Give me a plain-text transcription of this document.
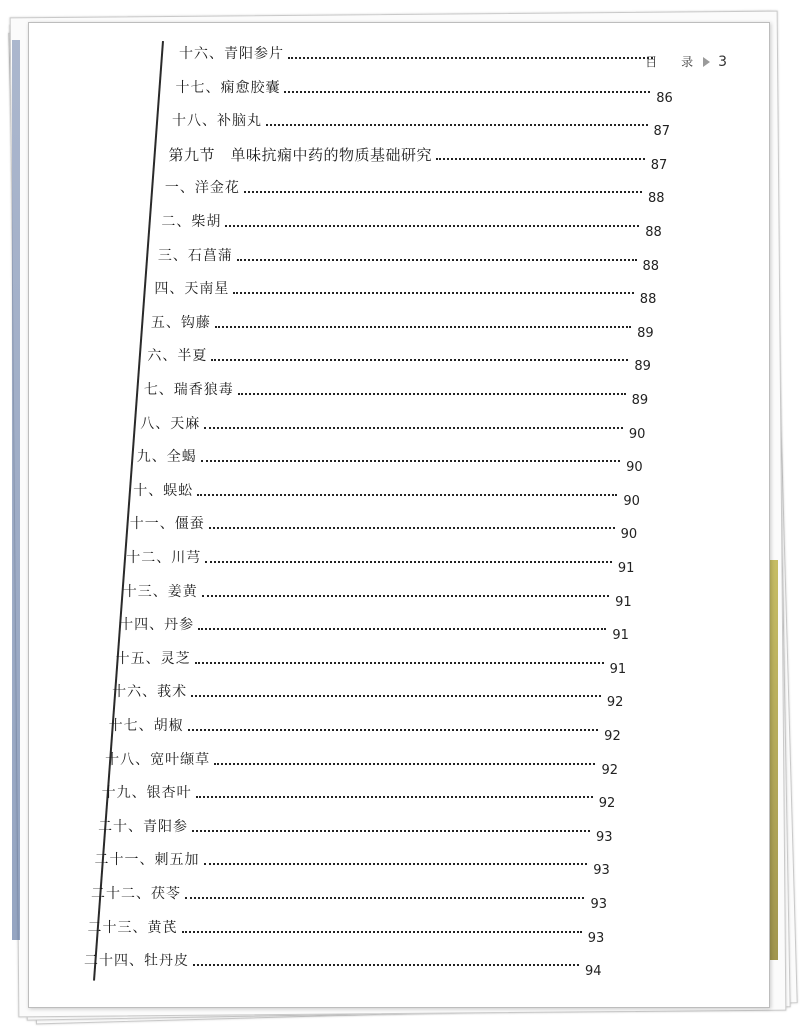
目 录 3
十六、青阳参片
十七、痫愈胶囊
86
十八、补脑丸
87
第九节　单味抗痫中药的物质基础研究
87
一、洋金花
88
二、柴胡
88
三、石菖蒲
88
四、天南星
88
五、钩藤
89
六、半夏
89
七、瑞香狼毒
89
八、天麻
90
九、全蝎
90
十、蜈蚣
90
十一、僵蚕
90
十二、川芎
91
十三、姜黄
91
十四、丹参
91
十五、灵芝
91
十六、莪术
92
十七、胡椒
92
十八、宽叶缬草
92
十九、银杏叶
92
二十、青阳参
93
二十一、刺五加
93
二十二、茯苓
93
二十三、黄芪
93
二十四、牡丹皮
94
